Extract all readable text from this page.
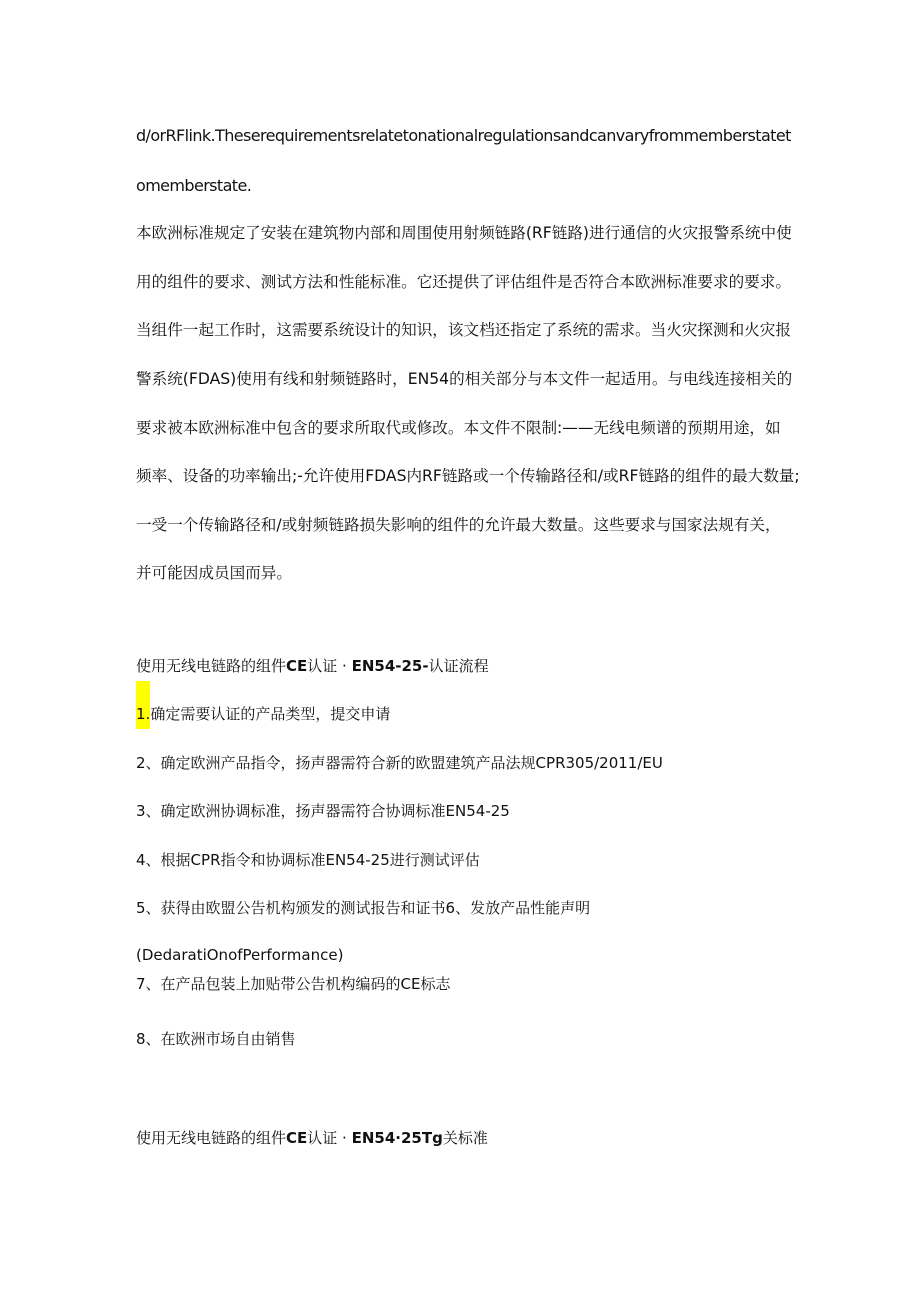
d/orRFlink.Theserequirementsrelatetonationalregulationsandcanvaryfrommemberstatet
omemberstate.
本欧洲标准规定了安装在建筑物内部和周围使用射频链路(RF链路)进行通信的火灾报警系统中使
用的组件的要求、测试方法和性能标准。它还提供了评估组件是否符合本欧洲标准要求的要求。
当组件一起工作时，这需要系统设计的知识，该文档还指定了系统的需求。当火灾探测和火灾报
警系统(FDAS)使用有线和射频链路时，EN54的相关部分与本文件一起适用。与电线连接相关的
要求被本欧洲标准中包含的要求所取代或修改。本文件不限制:——无线电频谱的预期用途，如
频率、设备的功率输出;-允许使用FDAS内RF链路或一个传输路径和/或RF链路的组件的最大数量;
一受一个传输路径和/或射频链路损失影响的组件的允许最大数量。这些要求与国家法规有关，
并可能因成员国而异。
使用无线电链路的组件CE认证 · EN54-25-认证流程
1.确定需要认证的产品类型，提交申请
2、确定欧洲产品指令，扬声器需符合新的欧盟建筑产品法规CPR305/2011/EU
3、确定欧洲协调标准，扬声器需符合协调标准EN54-25
4、根据CPR指令和协调标准EN54-25进行测试评估
5、获得由欧盟公告机构颁发的测试报告和证书6、发放产品性能声明
(DedaratiOnofPerformance)
7、在产品包装上加贴带公告机构编码的CE标志
8、在欧洲市场自由销售
使用无线电链路的组件CE认证 · EN54·25Tg关标准
